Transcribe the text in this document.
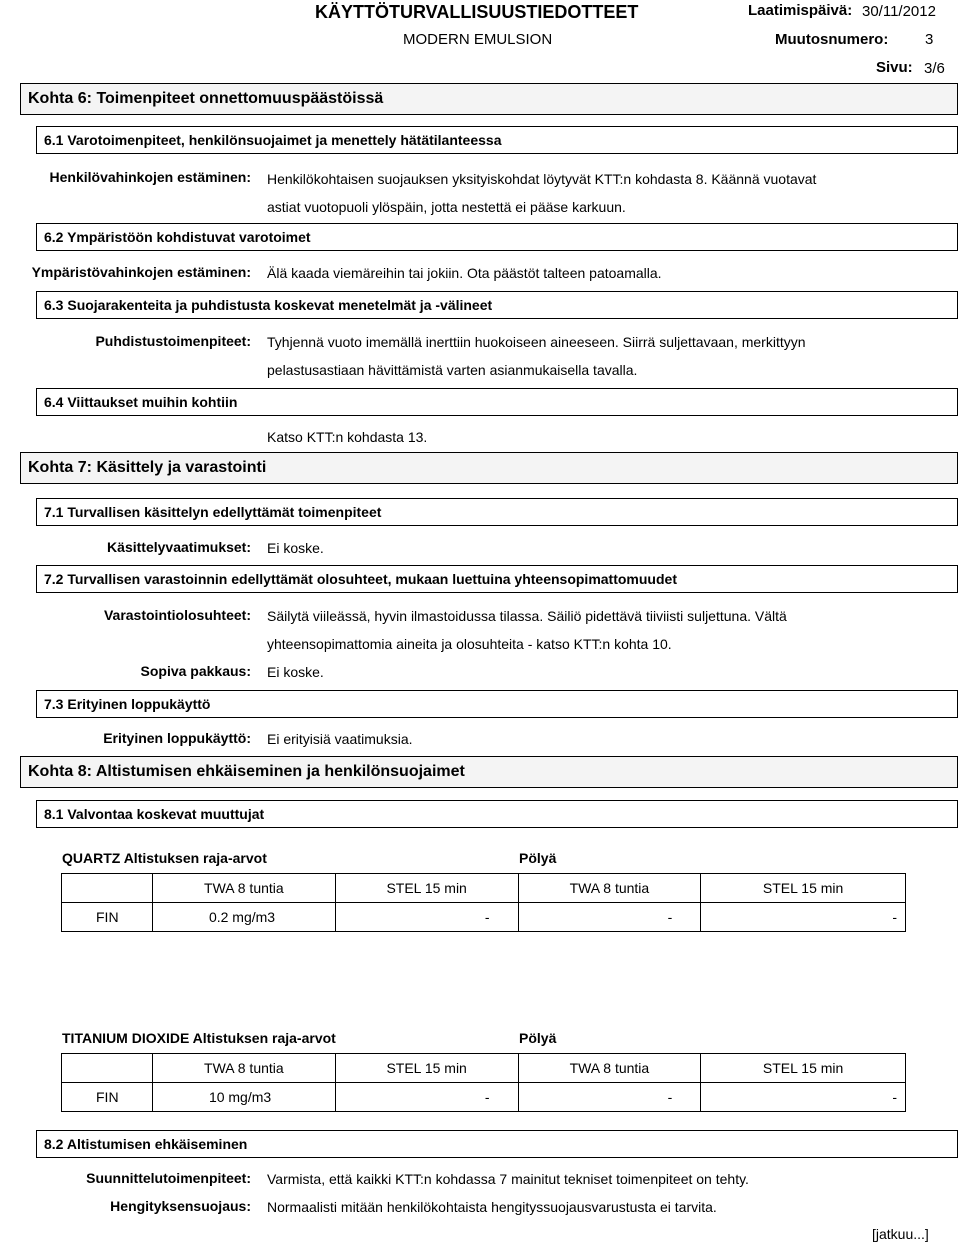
KÄYTTÖTURVALLISUUSTIEDOTTEET
MODERN EMULSION
Laatimispäivä: 30/11/2012
Muutosnumero: 3
Sivu: 3/6
Kohta 6: Toimenpiteet onnettomuuspäästöissä
6.1 Varotoimenpiteet, henkilönsuojaimet ja menettely hätätilanteessa
Henkilövahinkojen estäminen: Henkilökohtaisen suojauksen yksityiskohdat löytyvät KTT:n kohdasta 8. Käännä vuotavat
astiat vuotopuoli ylöspäin, jotta nestettä ei pääse karkuun.
6.2 Ympäristöön kohdistuvat varotoimet
Ympäristövahinkojen estäminen: Älä kaada viemäreihin tai jokiin. Ota päästöt talteen patoamalla.
6.3 Suojarakenteita ja puhdistusta koskevat menetelmät ja -välineet
Puhdistustoimenpiteet: Tyhjennä vuoto imemällä inerttiin huokoiseen aineeseen. Siirrä suljettavaan, merkittyyn
pelastusastiaan hävittämistä varten asianmukaisella tavalla.
6.4 Viittaukset muihin kohtiin
Katso KTT:n kohdasta 13.
Kohta 7: Käsittely ja varastointi
7.1 Turvallisen käsittelyn edellyttämät toimenpiteet
Käsittelyvaatimukset: Ei koske.
7.2 Turvallisen varastoinnin edellyttämät olosuhteet, mukaan luettuina yhteensopimattomuudet
Varastointiolosuhteet: Säilytä viileässä, hyvin ilmastoidussa tilassa. Säiliö pidettävä tiiviisti suljettuna. Vältä
yhteensopimattomia aineita ja olosuhteita - katso KTT:n kohta 10.
Sopiva pakkaus: Ei koske.
7.3 Erityinen loppukäyttö
Erityinen loppukäyttö: Ei erityisiä vaatimuksia.
Kohta 8: Altistumisen ehkäiseminen ja henkilönsuojaimet
8.1 Valvontaa koskevat muuttujat
QUARTZ Altistuksen raja-arvot	Pölyä
	TWA 8 tuntia	STEL 15 min	TWA 8 tuntia	STEL 15 min
FIN	0.2 mg/m3	-	-	-
TITANIUM DIOXIDE Altistuksen raja-arvot	Pölyä
	TWA 8 tuntia	STEL 15 min	TWA 8 tuntia	STEL 15 min
FIN	10 mg/m3	-	-	-
8.2 Altistumisen ehkäiseminen
Suunnittelutoimenpiteet: Varmista, että kaikki KTT:n kohdassa 7 mainitut tekniset toimenpiteet on tehty.
Hengityksensuojaus: Normaalisti mitään henkilökohtaista hengityssuojausvarustusta ei tarvita.
[jatkuu...]
